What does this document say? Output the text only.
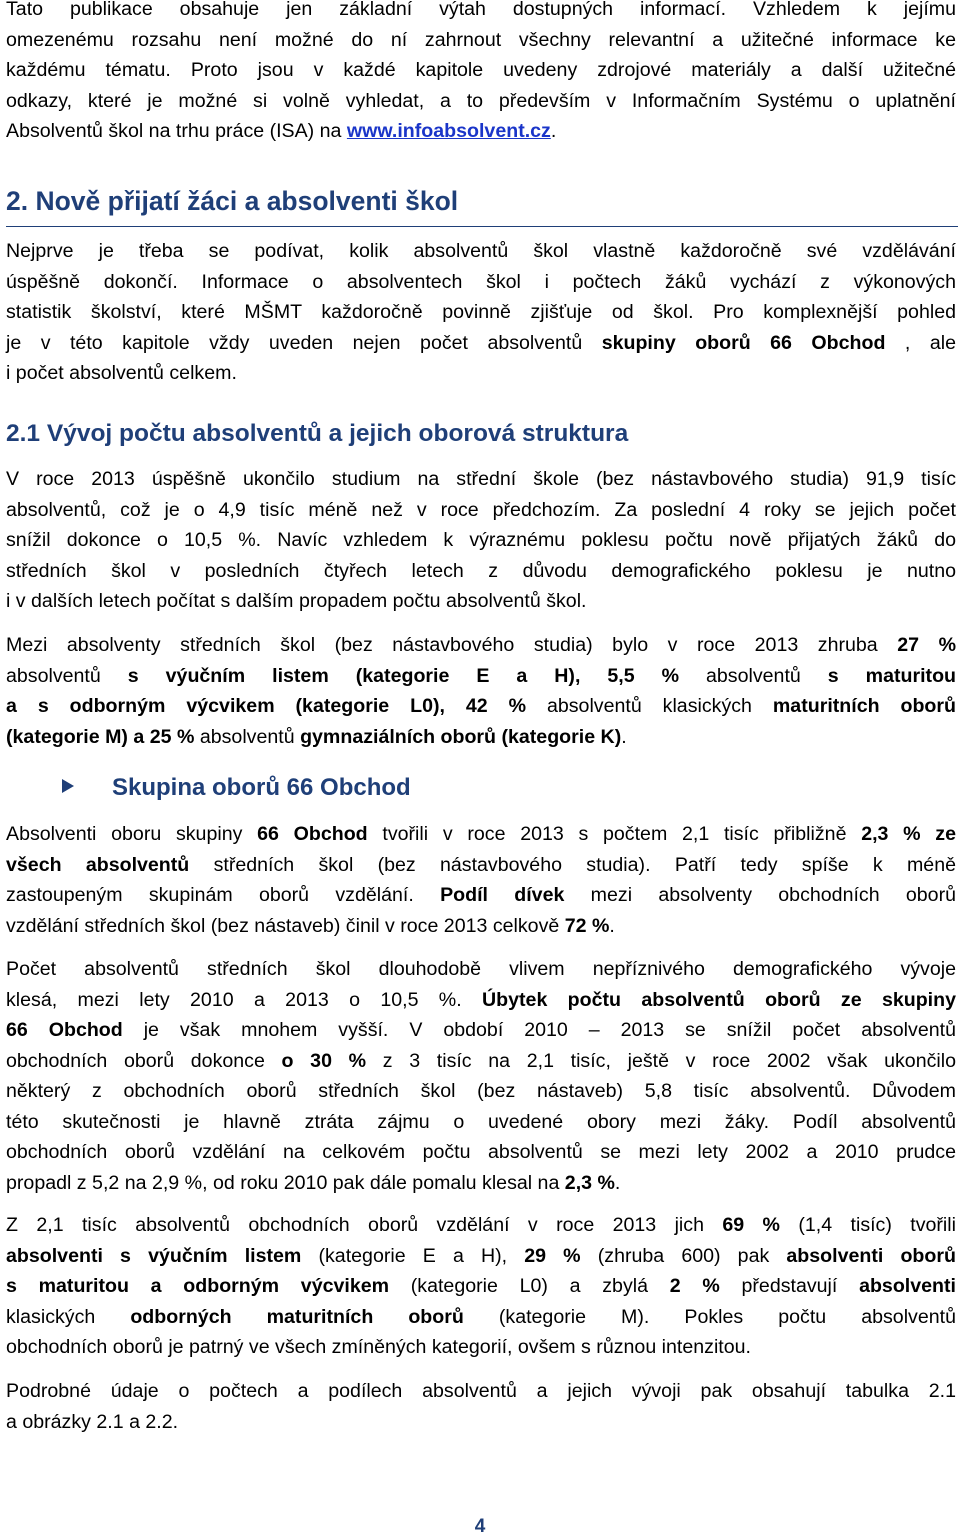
Tato publikace obsahuje jen základní výtah dostupných informací. Vzhledem k jejímu
omezenému rozsahu není možné do ní zahrnout všechny relevantní a užitečné informace ke
každému tématu. Proto jsou v každé kapitole uvedeny zdrojové materiály a další užitečné
odkazy, které je možné si volně vyhledat, a to především v Informačním Systému o uplatnění
Absolventů škol na trhu práce (ISA) na www.infoabsolvent.cz.
2. Nově přijatí žáci a absolventi škol
Nejprve je třeba se podívat, kolik absolventů škol vlastně každoročně své vzdělávání
úspěšně dokončí. Informace o absolventech škol i počtech žáků vychází z výkonových
statistik školství, které MŠMT každoročně povinně zjišťuje od škol. Pro komplexnější pohled
je v této kapitole vždy uveden nejen počet absolventů skupiny oborů 66 Obchod , ale
i počet absolventů celkem.
2.1 Vývoj počtu absolventů a jejich oborová struktura
V roce 2013 úspěšně ukončilo studium na střední škole (bez nástavbového studia) 91,9 tisíc
absolventů, což je o 4,9 tisíc méně než v roce předchozím. Za poslední 4 roky se jejich počet
snížil dokonce o 10,5 %. Navíc vzhledem k výraznému poklesu počtu nově přijatých žáků do
středních škol v posledních čtyřech letech z důvodu demografického poklesu je nutno
i v dalších letech počítat s dalším propadem počtu absolventů škol.
Mezi absolventy středních škol (bez nástavbového studia) bylo v roce 2013 zhruba 27 %
absolventů s výučním listem (kategorie E a H), 5,5 % absolventů s maturitou
a s odborným výcvikem (kategorie L0), 42 % absolventů klasických maturitních oborů
(kategorie M) a 25 % absolventů gymnaziálních oborů (kategorie K).
Skupina oborů 66 Obchod
Absolventi oboru skupiny 66 Obchod tvořili v roce 2013 s počtem 2,1 tisíc přibližně 2,3 % ze
všech absolventů středních škol (bez nástavbového studia). Patří tedy spíše k méně
zastoupeným skupinám oborů vzdělání. Podíl dívek mezi absolventy obchodních oborů
vzdělání středních škol (bez nástaveb) činil v roce 2013 celkově 72 %.
Počet absolventů středních škol dlouhodobě vlivem nepříznivého demografického vývoje
klesá, mezi lety 2010 a 2013 o 10,5 %. Úbytek počtu absolventů oborů ze skupiny
66 Obchod je však mnohem vyšší. V období 2010 – 2013 se snížil počet absolventů
obchodních oborů dokonce o 30 % z 3 tisíc na 2,1 tisíc, ještě v roce 2002 však ukončilo
některý z obchodních oborů středních škol (bez nástaveb) 5,8 tisíc absolventů. Důvodem
této skutečnosti je hlavně ztráta zájmu o uvedené obory mezi žáky. Podíl absolventů
obchodních oborů vzdělání na celkovém počtu absolventů se mezi lety 2002 a 2010 prudce
propadl z 5,2 na 2,9 %, od roku 2010 pak dále pomalu klesal na 2,3 %.
Z 2,1 tisíc absolventů obchodních oborů vzdělání v roce 2013 jich 69 % (1,4 tisíc) tvořili
absolventi s výučním listem (kategorie E a H), 29 % (zhruba 600) pak absolventi oborů
s maturitou a odborným výcvikem (kategorie L0) a zbylá 2 % představují absolventi
klasických odborných maturitních oborů (kategorie M). Pokles počtu absolventů
obchodních oborů je patrný ve všech zmíněných kategorií, ovšem s různou intenzitou.
Podrobné údaje o počtech a podílech absolventů a jejich vývoji pak obsahují tabulka 2.1
a obrázky 2.1 a 2.2.
4
